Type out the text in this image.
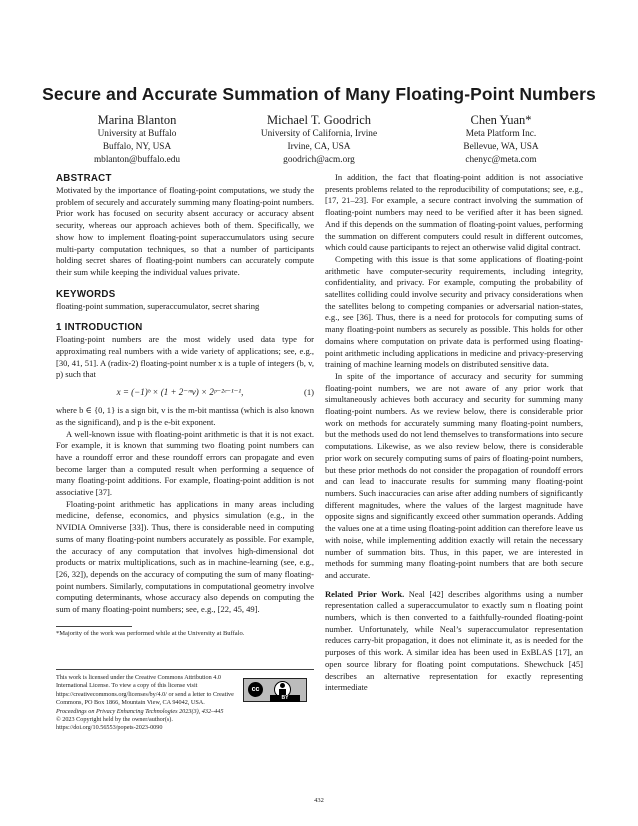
Secure and Accurate Summation of Many Floating-Point Numbers
Marina Blanton
University at Buffalo
Buffalo, NY, USA
mblanton@buffalo.edu
Michael T. Goodrich
University of California, Irvine
Irvine, CA, USA
goodrich@acm.org
Chen Yuan*
Meta Platform Inc.
Bellevue, WA, USA
chenyc@meta.com
ABSTRACT

Motivated by the importance of floating-point computations, we study the problem of securely and accurately summing many floating-point numbers. Prior work has focused on security absent accuracy or accuracy absent security, whereas our approach achieves both of them. Specifically, we show how to implement floating-point superaccumulators using secure multi-party computation techniques, so that a number of participants holding secret shares of floating-point numbers can accurately compute their sum while keeping the individual values private.

KEYWORDS

floating-point summation, superaccumulator, secret sharing

1 INTRODUCTION

Floating-point numbers are the most widely used data type for approximating real numbers with a wide variety of applications; see, e.g., [30, 41, 51]. A (radix-2) floating-point number x is a tuple of integers (b, v, p) such that

x = (−1)ᵇ × (1 + 2⁻ᵐv) × 2ᵖ⁻²ᵉ⁻¹⁻¹,	(1)

where b ∈ {0, 1} is a sign bit, v is the m-bit mantissa (which is also known as the significand), and p is the e-bit exponent.

A well-known issue with floating-point arithmetic is that it is not exact. For example, it is known that summing two floating point numbers can have a roundoff error and these roundoff errors can propagate and even become larger than a computed result when performing a sequence of many floating-point additions. For example, floating-point addition is not associative [37].

Floating-point arithmetic has applications in many areas including medicine, defense, economics, and physics simulation (e.g., in the NVIDIA Omniverse [33]). Thus, there is considerable need in computing sums of many floating-point numbers accurately as possible. For example, the accuracy of any computation that involves high-dimensional dot products or matrix multiplications, such as in machine-learning (see, e.g., [26, 32]), depends on the accuracy of computing the sum of many floating-point numbers. Similarly, computations in computational geometry involve computing determinants, whose accuracy also depends on computing the sum of many floating-point numbers; see, e.g., [22, 45, 49].

*Majority of the work was performed while at the University at Buffalo.
This work is licensed under the Creative Commons Attribution 4.0 International License. To view a copy of this license visit https://creativecommons.org/licenses/by/4.0/ or send a letter to Creative Commons, PO Box 1866, Mountain View, CA 94042, USA.
Proceedings on Privacy Enhancing Technologies 2023(3), 432–445
© 2023 Copyright held by the owner/author(s).
https://doi.org/10.56553/popets-2023-0090
cc
BY

In addition, the fact that floating-point addition is not associative presents problems related to the reproducibility of computations; see, e.g., [17, 21–23]. For example, a secure contract involving the summation of floating-point numbers may need to be verified after it has been signed. And if this depends on the summation of floating-point values, performing the summation on different computers could result in different outcomes, which could cause participants to reject an otherwise valid digital contract.

Competing with this issue is that some applications of floating-point arithmetic have computer-security requirements, including integrity, confidentiality, and privacy. For example, computing the probability of satellites colliding could involve security and privacy considerations when the satellites belong to competing companies or adversarial nation-states, e.g., see [36]. Thus, there is a need for protocols for computing sums of many floating-point numbers as securely as possible. This holds for other domains where computation on private data is performed using floating-point arithmetic including applications in medicine and privacy-preserving training of machine learning models on distributed sensitive data.

In spite of the importance of accuracy and security for summing floating-point numbers, we are not aware of any prior work that simultaneously achieves both accuracy and security for summing many floating-point numbers. As we review below, there is considerable prior work on methods for accurately summing many floating-point numbers, but the methods used do not lend themselves to transformations into secure computations. Likewise, as we also review below, there is considerable prior work on securely computing sums of pairs of floating-point numbers, but these prior methods do not consider the propagation of roundoff errors and can lead to inaccurate results for summing many floating-point numbers. Such inaccuracies can arise after adding numbers of significantly different magnitudes, where the values of the largest magnitude have opposite signs and significantly exceed other summation operands. Adding the values one at a time using floating-point addition can therefore leave us with noise, while implementing addition exactly will retain the necessary number of summation bits. Thus, in this paper, we are interested in methods for summing many floating-point numbers that are both secure and accurate.

Related Prior Work. Neal [42] describes algorithms using a number representation called a superaccumulator to exactly sum n floating point numbers, which is then converted to a faithfully-rounded floating-point number. Unfortunately, while Neal’s superaccumulator representation reduces carry-bit propagation, it does not eliminate it, as is needed for the purposes of this work. A similar idea has been used in ExBLAS [17], an open source library for floating point computations. Shewchuck [45] describes an alternative representation for exactly representing intermediate

432
